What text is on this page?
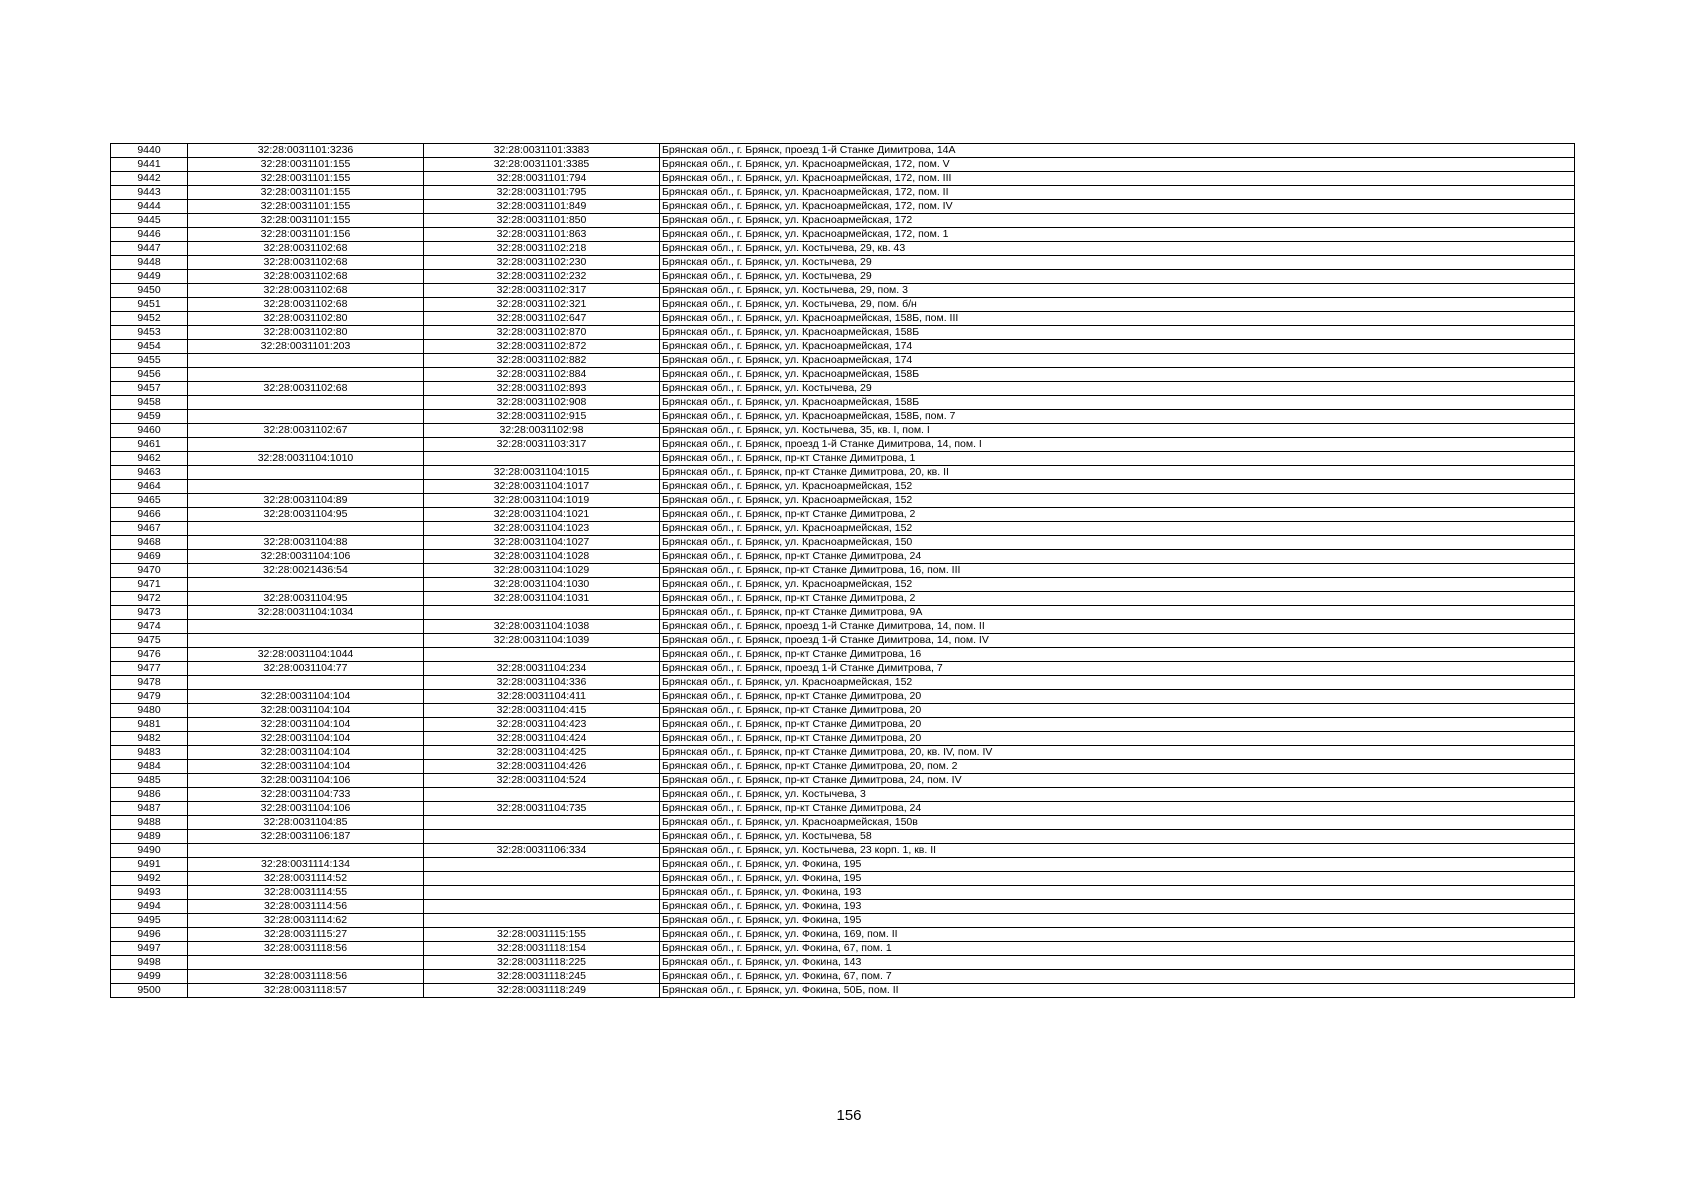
9440	32:28:0031101:3236	32:28:0031101:3383	Брянская обл., г. Брянск, проезд 1-й Станке Димитрова, 14А
9441	32:28:0031101:155	32:28:0031101:3385	Брянская обл., г. Брянск, ул. Красноармейская, 172, пом. V
9442	32:28:0031101:155	32:28:0031101:794	Брянская обл., г. Брянск, ул. Красноармейская, 172, пом. III
9443	32:28:0031101:155	32:28:0031101:795	Брянская обл., г. Брянск, ул. Красноармейская, 172, пом. II
9444	32:28:0031101:155	32:28:0031101:849	Брянская обл., г. Брянск, ул. Красноармейская, 172, пом. IV
9445	32:28:0031101:155	32:28:0031101:850	Брянская обл., г. Брянск, ул. Красноармейская, 172
9446	32:28:0031101:156	32:28:0031101:863	Брянская обл., г. Брянск, ул. Красноармейская, 172, пом. 1
9447	32:28:0031102:68	32:28:0031102:218	Брянская обл., г. Брянск, ул. Костычева, 29, кв. 43
9448	32:28:0031102:68	32:28:0031102:230	Брянская обл., г. Брянск, ул. Костычева, 29
9449	32:28:0031102:68	32:28:0031102:232	Брянская обл., г. Брянск, ул. Костычева, 29
9450	32:28:0031102:68	32:28:0031102:317	Брянская обл., г. Брянск, ул. Костычева, 29, пом. 3
9451	32:28:0031102:68	32:28:0031102:321	Брянская обл., г. Брянск, ул. Костычева, 29, пом. б/н
9452	32:28:0031102:80	32:28:0031102:647	Брянская обл., г. Брянск, ул. Красноармейская, 158Б, пом. III
9453	32:28:0031102:80	32:28:0031102:870	Брянская обл., г. Брянск, ул. Красноармейская, 158Б
9454	32:28:0031101:203	32:28:0031102:872	Брянская обл., г. Брянск, ул. Красноармейская, 174
9455		32:28:0031102:882	Брянская обл., г. Брянск, ул. Красноармейская, 174
9456		32:28:0031102:884	Брянская обл., г. Брянск, ул. Красноармейская, 158Б
9457	32:28:0031102:68	32:28:0031102:893	Брянская обл., г. Брянск, ул. Костычева, 29
9458		32:28:0031102:908	Брянская обл., г. Брянск, ул. Красноармейская, 158Б
9459		32:28:0031102:915	Брянская обл., г. Брянск, ул. Красноармейская, 158Б, пом. 7
9460	32:28:0031102:67	32:28:0031102:98	Брянская обл., г. Брянск, ул. Костычева, 35, кв. I, пом. I
9461		32:28:0031103:317	Брянская обл., г. Брянск, проезд 1-й Станке Димитрова, 14, пом. I
9462	32:28:0031104:1010		Брянская обл., г. Брянск, пр-кт Станке Димитрова, 1
9463		32:28:0031104:1015	Брянская обл., г. Брянск, пр-кт Станке Димитрова, 20, кв. II
9464		32:28:0031104:1017	Брянская обл., г. Брянск, ул. Красноармейская, 152
9465	32:28:0031104:89	32:28:0031104:1019	Брянская обл., г. Брянск, ул. Красноармейская, 152
9466	32:28:0031104:95	32:28:0031104:1021	Брянская обл., г. Брянск, пр-кт Станке Димитрова, 2
9467		32:28:0031104:1023	Брянская обл., г. Брянск, ул. Красноармейская, 152
9468	32:28:0031104:88	32:28:0031104:1027	Брянская обл., г. Брянск, ул. Красноармейская, 150
9469	32:28:0031104:106	32:28:0031104:1028	Брянская обл., г. Брянск, пр-кт Станке Димитрова, 24
9470	32:28:0021436:54	32:28:0031104:1029	Брянская обл., г. Брянск, пр-кт Станке Димитрова, 16, пом. III
9471		32:28:0031104:1030	Брянская обл., г. Брянск, ул. Красноармейская, 152
9472	32:28:0031104:95	32:28:0031104:1031	Брянская обл., г. Брянск, пр-кт Станке Димитрова, 2
9473	32:28:0031104:1034		Брянская обл., г. Брянск, пр-кт Станке Димитрова, 9А
9474		32:28:0031104:1038	Брянская обл., г. Брянск, проезд 1-й Станке Димитрова, 14, пом. II
9475		32:28:0031104:1039	Брянская обл., г. Брянск, проезд 1-й Станке Димитрова, 14, пом. IV
9476	32:28:0031104:1044		Брянская обл., г. Брянск, пр-кт Станке Димитрова, 16
9477	32:28:0031104:77	32:28:0031104:234	Брянская обл., г. Брянск, проезд 1-й Станке Димитрова, 7
9478		32:28:0031104:336	Брянская обл., г. Брянск, ул. Красноармейская, 152
9479	32:28:0031104:104	32:28:0031104:411	Брянская обл., г. Брянск, пр-кт Станке Димитрова, 20
9480	32:28:0031104:104	32:28:0031104:415	Брянская обл., г. Брянск, пр-кт Станке Димитрова, 20
9481	32:28:0031104:104	32:28:0031104:423	Брянская обл., г. Брянск, пр-кт Станке Димитрова, 20
9482	32:28:0031104:104	32:28:0031104:424	Брянская обл., г. Брянск, пр-кт Станке Димитрова, 20
9483	32:28:0031104:104	32:28:0031104:425	Брянская обл., г. Брянск, пр-кт Станке Димитрова, 20, кв. IV, пом. IV
9484	32:28:0031104:104	32:28:0031104:426	Брянская обл., г. Брянск, пр-кт Станке Димитрова, 20, пом. 2
9485	32:28:0031104:106	32:28:0031104:524	Брянская обл., г. Брянск, пр-кт Станке Димитрова, 24, пом. IV
9486	32:28:0031104:733		Брянская обл., г. Брянск, ул. Костычева, 3
9487	32:28:0031104:106	32:28:0031104:735	Брянская обл., г. Брянск, пр-кт Станке Димитрова, 24
9488	32:28:0031104:85		Брянская обл., г. Брянск, ул. Красноармейская, 150в
9489	32:28:0031106:187		Брянская обл., г. Брянск, ул. Костычева, 58
9490		32:28:0031106:334	Брянская обл., г. Брянск, ул. Костычева, 23 корп. 1, кв. II
9491	32:28:0031114:134		Брянская обл., г. Брянск, ул. Фокина, 195
9492	32:28:0031114:52		Брянская обл., г. Брянск, ул. Фокина, 195
9493	32:28:0031114:55		Брянская обл., г. Брянск, ул. Фокина, 193
9494	32:28:0031114:56		Брянская обл., г. Брянск, ул. Фокина, 193
9495	32:28:0031114:62		Брянская обл., г. Брянск, ул. Фокина, 195
9496	32:28:0031115:27	32:28:0031115:155	Брянская обл., г. Брянск, ул. Фокина, 169, пом. II
9497	32:28:0031118:56	32:28:0031118:154	Брянская обл., г. Брянск, ул. Фокина, 67, пом. 1
9498		32:28:0031118:225	Брянская обл., г. Брянск, ул. Фокина, 143
9499	32:28:0031118:56	32:28:0031118:245	Брянская обл., г. Брянск, ул. Фокина, 67, пом. 7
9500	32:28:0031118:57	32:28:0031118:249	Брянская обл., г. Брянск, ул. Фокина, 50Б, пом. II
156
